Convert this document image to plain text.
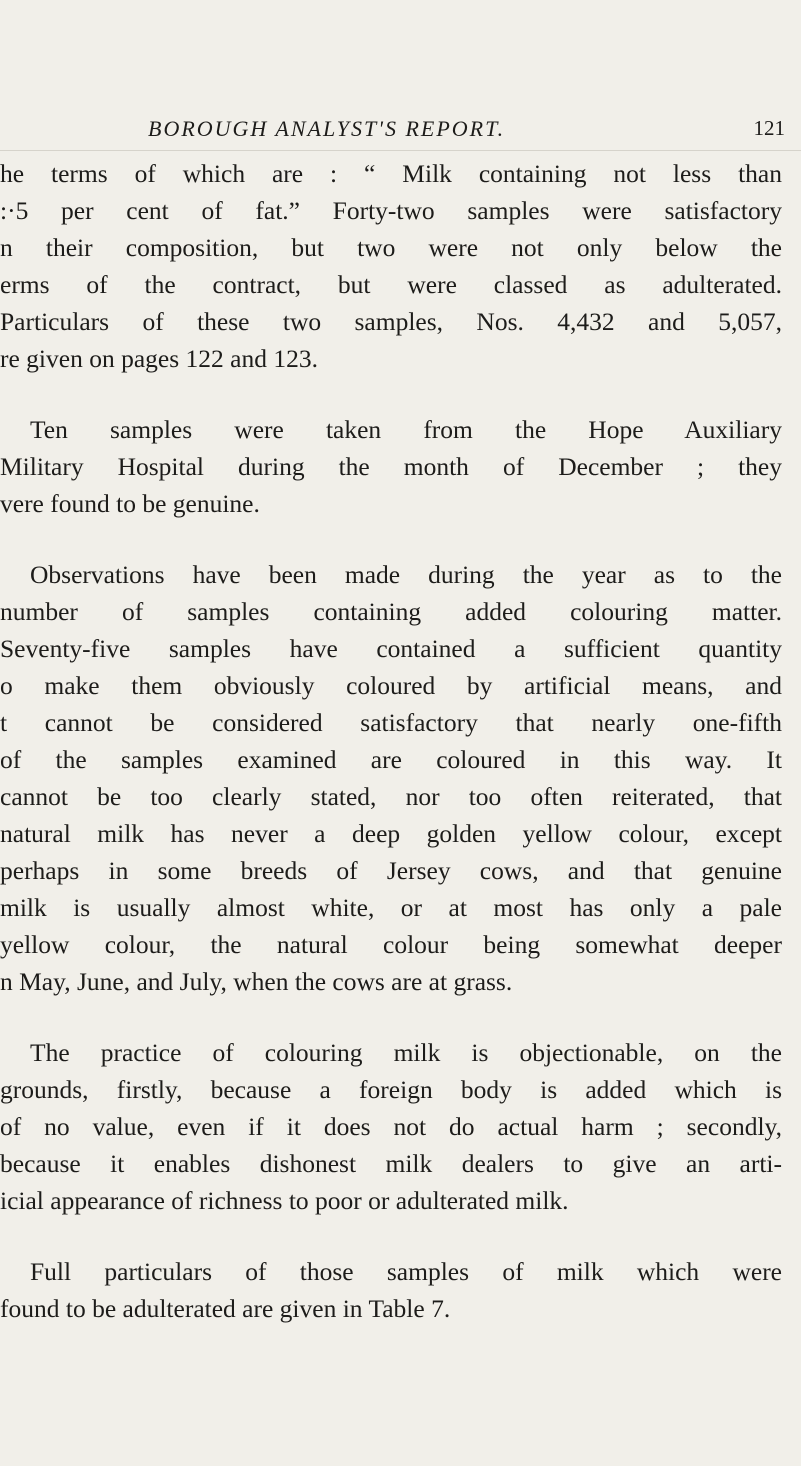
BOROUGH ANALYST'S REPORT.	121
he terms of which are : “ Milk containing not less than
:·5 per cent of fat.” Forty-two samples were satisfactory
n their composition, but two were not only below the
erms of the contract, but were classed as adulterated.
Particulars of these two samples, Nos. 4,432 and 5,057,
re given on pages 122 and 123.
Ten samples were taken from the Hope Auxiliary
Military Hospital during the month of December ; they
vere found to be genuine.
Observations have been made during the year as to the
number of samples containing added colouring matter.
Seventy-five samples have contained a sufficient quantity
o make them obviously coloured by artificial means, and
t cannot be considered satisfactory that nearly one-fifth
of the samples examined are coloured in this way. It
cannot be too clearly stated, nor too often reiterated, that
natural milk has never a deep golden yellow colour, except
perhaps in some breeds of Jersey cows, and that genuine
milk is usually almost white, or at most has only a pale
yellow colour, the natural colour being somewhat deeper
n May, June, and July, when the cows are at grass.
The practice of colouring milk is objectionable, on the
grounds, firstly, because a foreign body is added which is
of no value, even if it does not do actual harm ; secondly,
because it enables dishonest milk dealers to give an arti-
icial appearance of richness to poor or adulterated milk.
Full particulars of those samples of milk which were
found to be adulterated are given in Table 7.
